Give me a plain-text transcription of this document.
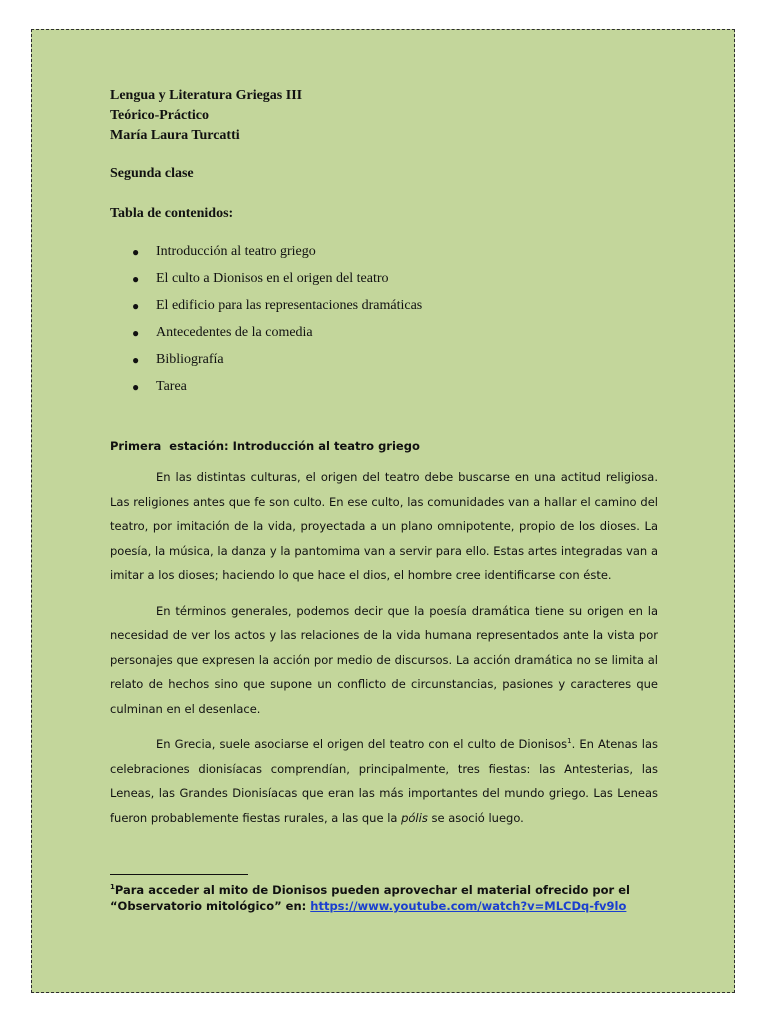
Lengua y Literatura Griegas III

Teórico-Práctico

María Laura Turcatti

Segunda clase

Tabla de contenidos:

● Introducción al teatro griego
● El culto a Dionisos en el origen del teatro
● El edificio para las representaciones dramáticas
● Antecedentes de la comedia
● Bibliografía
● Tarea

Primera  estación: Introducción al teatro griego

En las distintas culturas, el origen del teatro debe buscarse en una actitud religiosa. Las religiones antes que fe son culto. En ese culto, las comunidades van a hallar el camino del teatro, por imitación de la vida, proyectada a un plano omnipotente, propio de los dioses. La poesía, la música, la danza y la pantomima van a servir para ello. Estas artes integradas van a imitar a los dioses; haciendo lo que hace el dios, el hombre cree identificarse con éste.

En términos generales, podemos decir que la poesía dramática tiene su origen en la necesidad de ver los actos y las relaciones de la vida humana representados ante la vista por personajes que expresen la acción por medio de discursos. La acción dramática no se limita al relato de hechos sino que supone un conflicto de circunstancias, pasiones y caracteres que culminan en el desenlace.

En Grecia, suele asociarse el origen del teatro con el culto de Dionisos$^1$. En Atenas las celebraciones dionisíacas comprendían, principalmente, tres fiestas: las Antesterias, las Leneas, las Grandes Dionisíacas que eran las más importantes del mundo griego. Las Leneas fueron probablemente fiestas rurales, a las que la pólis se asoció luego.

$^1$Para acceder al mito de Dionisos pueden aprovechar el material ofrecido por el “Observatorio mitológico” en: https://www.youtube.com/watch?v=MLCDq-fv9lo
